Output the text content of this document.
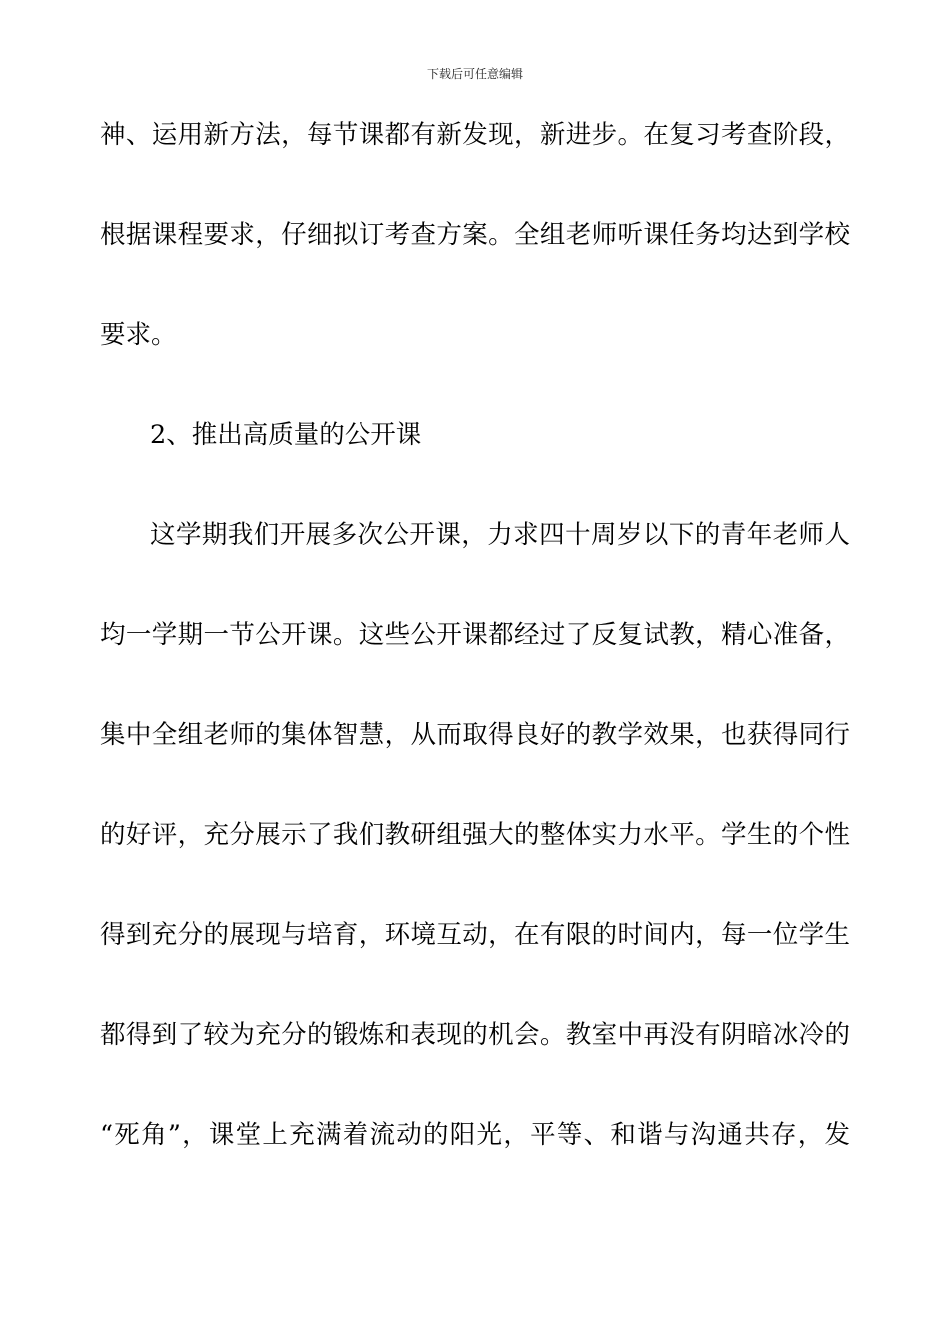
下载后可任意编辑
神、运用新方法，每节课都有新发现，新进步。在复习考查阶段，
根据课程要求，仔细拟订考查方案。全组老师听课任务均达到学校
要求。
2、推出高质量的公开课
这学期我们开展多次公开课，力求四十周岁以下的青年老师人
均一学期一节公开课。这些公开课都经过了反复试教，精心准备，
集中全组老师的集体智慧，从而取得良好的教学效果，也获得同行
的好评，充分展示了我们教研组强大的整体实力水平。学生的个性
得到充分的展现与培育，环境互动，在有限的时间内，每一位学生
都得到了较为充分的锻炼和表现的机会。教室中再没有阴暗冰冷的
“死角”，课堂上充满着流动的阳光，平等、和谐与沟通共存，发
